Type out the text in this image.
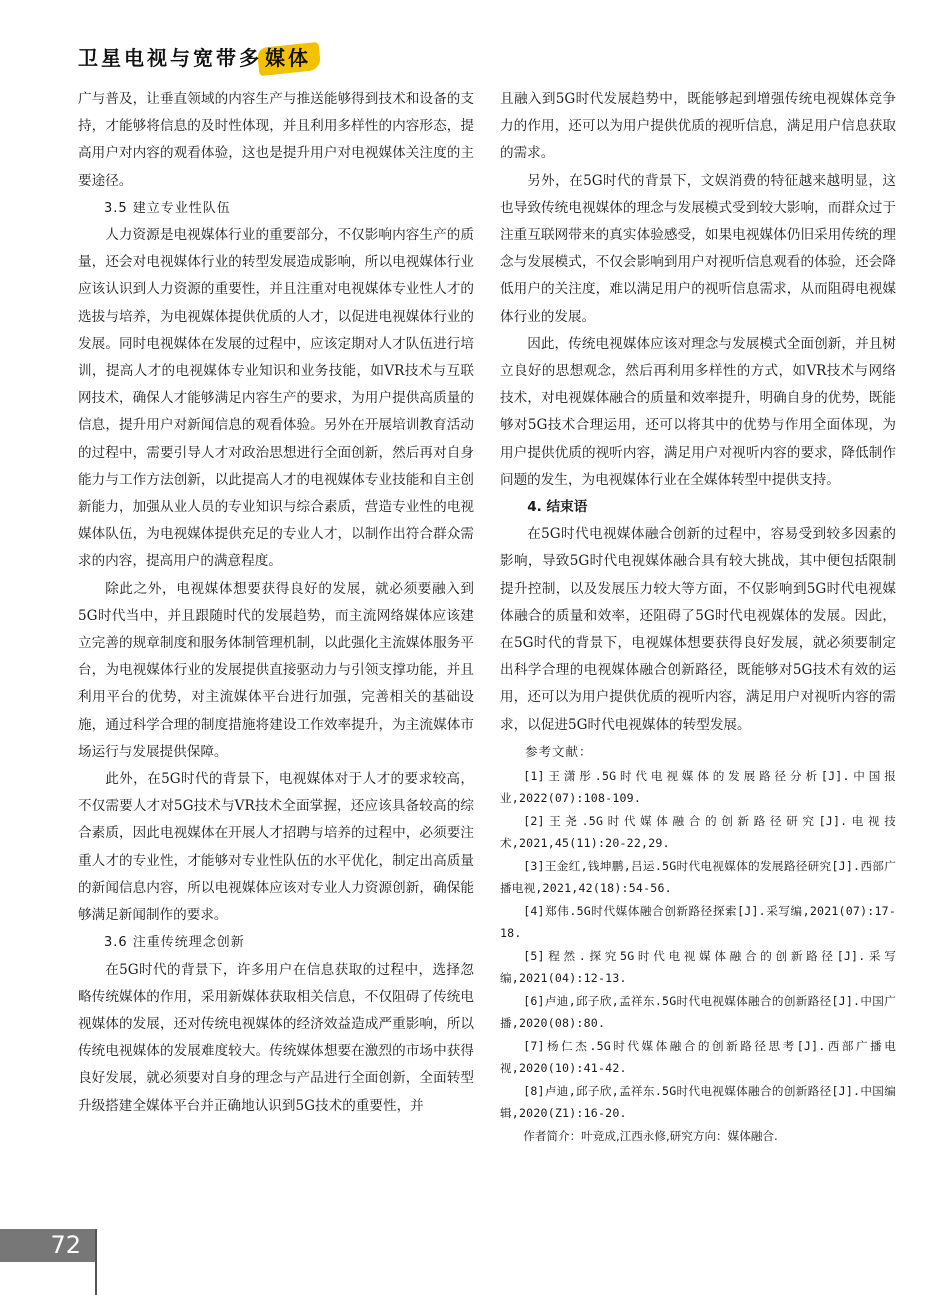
卫星电视与宽带多 媒体

广与普及，让垂直领域的内容生产与推送能够得到技术和设备的支持，才能够将信息的及时性体现，并且利用多样性的内容形态，提高用户对内容的观看体验，这也是提升用户对电视媒体关注度的主要途径。

3.5 建立专业性队伍

人力资源是电视媒体行业的重要部分，不仅影响内容生产的质量，还会对电视媒体行业的转型发展造成影响，所以电视媒体行业应该认识到人力资源的重要性，并且注重对电视媒体专业性人才的选拔与培养，为电视媒体提供优质的人才，以促进电视媒体行业的发展。同时电视媒体在发展的过程中，应该定期对人才队伍进行培训，提高人才的电视媒体专业知识和业务技能，如VR技术与互联网技术，确保人才能够满足内容生产的要求，为用户提供高质量的信息，提升用户对新闻信息的观看体验。另外在开展培训教育活动的过程中，需要引导人才对政治思想进行全面创新，然后再对自身能力与工作方法创新，以此提高人才的电视媒体专业技能和自主创新能力，加强从业人员的专业知识与综合素质，营造专业性的电视媒体队伍，为电视媒体提供充足的专业人才，以制作出符合群众需求的内容，提高用户的满意程度。

除此之外，电视媒体想要获得良好的发展，就必须要融入到5G时代当中，并且跟随时代的发展趋势，而主流网络媒体应该建立完善的规章制度和服务体制管理机制，以此强化主流媒体服务平台，为电视媒体行业的发展提供直接驱动力与引领支撑功能，并且利用平台的优势，对主流媒体平台进行加强，完善相关的基础设施，通过科学合理的制度措施将建设工作效率提升，为主流媒体市场运行与发展提供保障。

此外，在5G时代的背景下，电视媒体对于人才的要求较高，不仅需要人才对5G技术与VR技术全面掌握，还应该具备较高的综合素质，因此电视媒体在开展人才招聘与培养的过程中，必须要注重人才的专业性，才能够对专业性队伍的水平优化，制定出高质量的新闻信息内容，所以电视媒体应该对专业人力资源创新，确保能够满足新闻制作的要求。

3.6 注重传统理念创新

在5G时代的背景下，许多用户在信息获取的过程中，选择忽略传统媒体的作用，采用新媒体获取相关信息，不仅阻碍了传统电视媒体的发展，还对传统电视媒体的经济效益造成严重影响，所以传统电视媒体的发展难度较大。传统媒体想要在激烈的市场中获得良好发展，就必须要对自身的理念与产品进行全面创新，全面转型升级搭建全媒体平台并正确地认识到5G技术的重要性，并

且融入到5G时代发展趋势中，既能够起到增强传统电视媒体竞争力的作用，还可以为用户提供优质的视听信息，满足用户信息获取的需求。

另外，在5G时代的背景下，文娱消费的特征越来越明显，这也导致传统电视媒体的理念与发展模式受到较大影响，而群众过于注重互联网带来的真实体验感受，如果电视媒体仍旧采用传统的理念与发展模式，不仅会影响到用户对视听信息观看的体验，还会降低用户的关注度，难以满足用户的视听信息需求，从而阻碍电视媒体行业的发展。

因此，传统电视媒体应该对理念与发展模式全面创新，并且树立良好的思想观念，然后再利用多样性的方式，如VR技术与网络技术，对电视媒体融合的质量和效率提升，明确自身的优势，既能够对5G技术合理运用，还可以将其中的优势与作用全面体现，为用户提供优质的视听内容，满足用户对视听内容的要求，降低制作问题的发生，为电视媒体行业在全媒体转型中提供支持。

4. 结束语

在5G时代电视媒体融合创新的过程中，容易受到较多因素的影响，导致5G时代电视媒体融合具有较大挑战，其中便包括限制提升控制，以及发展压力较大等方面，不仅影响到5G时代电视媒体融合的质量和效率，还阻碍了5G时代电视媒体的发展。因此，在5G时代的背景下，电视媒体想要获得良好发展，就必须要制定出科学合理的电视媒体融合创新路径，既能够对5G技术有效的运用，还可以为用户提供优质的视听内容，满足用户对视听内容的需求，以促进5G时代电视媒体的转型发展。

参考文献：

[1]王潇彤.5G时代电视媒体的发展路径分析[J].中国报业,2022(07):108-109.

[2]王尧.5G时代媒体融合的创新路径研究[J].电视技术,2021,45(11):20-22,29.

[3]王金红,钱坤鹏,吕运.5G时代电视媒体的发展路径研究[J].西部广播电视,2021,42(18):54-56.

[4]郑伟.5G时代媒体融合创新路径探索[J].采写编,2021(07):17-18.

[5]程然.探究5G时代电视媒体融合的创新路径[J].采写编,2021(04):12-13.

[6]卢迪,邱子欣,孟祥东.5G时代电视媒体融合的创新路径[J].中国广播,2020(08):80.

[7]杨仁杰.5G时代媒体融合的创新路径思考[J].西部广播电视,2020(10):41-42.

[8]卢迪,邱子欣,孟祥东.5G时代电视媒体融合的创新路径[J].中国编辑,2020(Z1):16-20.

作者简介：叶竞成,江西永修,研究方向：媒体融合.

72
